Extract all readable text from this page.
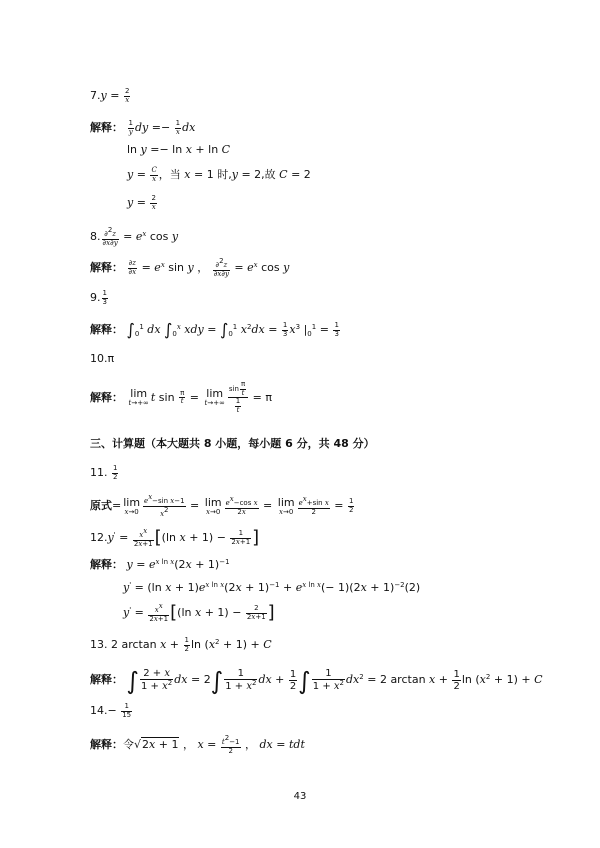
$7.y = \frac{2}{x}$
解释： $\frac{1}{y}$ dy =− $\frac{1}{x}$ dx
ln y =− ln x + ln C
$y = \frac{C}{x}$ ，当 x = 1 时,y = 2,故 C = 2
$y = \frac{2}{x}$
8. $\frac{\partial 2z}{\partial x\partial y} = e^x$ cos y
解释： $\frac{\partial z}{\partial x} = e^x$ sin y ， $\frac{\partial 2z}{\partial x\partial y} = e^x$ cos y
9. $\frac{1}{3}$
解释： $\int_0^1$ dx $\int_0^x$ xdy = $\int_0^1$ $x^2dx = \frac{1}{3} x^3$ $|_0^1 = \frac{1}{3}$
10.π
解释： lim
t→+∞ t $\sin \frac{\pi}{t} = \lim$
$t\to+\infty \frac{\sin \frac{\pi}{t}}{\frac{1}{t}} = \pi$
三、计算题（本大题共 8 小题，每小题 6 分，共 48 分）
11. $\frac{1}{2}$
原式= lim
$x\to 0 \frac{\text{ex−sin x−1}}{x2} = \lim$
$x\to 0 \frac{\text{ex−cos x}}{2x} = \lim$
$x\to 0 \frac{\text{ex+sin x}}{2} = \frac{1}{2}$
$12.y' = \frac{xx}{2x+1} [(\ln$ $x + 1) - \frac{1}{2x+1}$ ]
解释： $y = e^{x ln x}(2x + 1)^{-1}$
y' = (ln $x + 1)e^{x ln x}(2x + 1)^{-1} + e^{x ln x}(- 1)(2x + 1)^{-2}(2)$
$y' = \frac{xx}{2x+1} [(\ln$ $x + 1) - \frac{2}{2x+1}$ ]
13. 2 $\arctan x + \frac{1}{2}$ $\ln (x^2 + 1) + C$
解释： ∫ $\frac{2 + x}{1 + x^2}$ dx = $2\int \frac{1}{1 + x^2}$ dx + $\frac{1}{2}$ ∫ $\frac{1}{1 + x^2} dx^2 = 2$ $\arctan x + \frac{1}{2}$ $\ln (x^2 + 1) + C$
$14.- \frac{1}{15}$
解释：令√2x + 1 ， $x = \frac{t2-1}{2}$ ， dx = tdt
43
